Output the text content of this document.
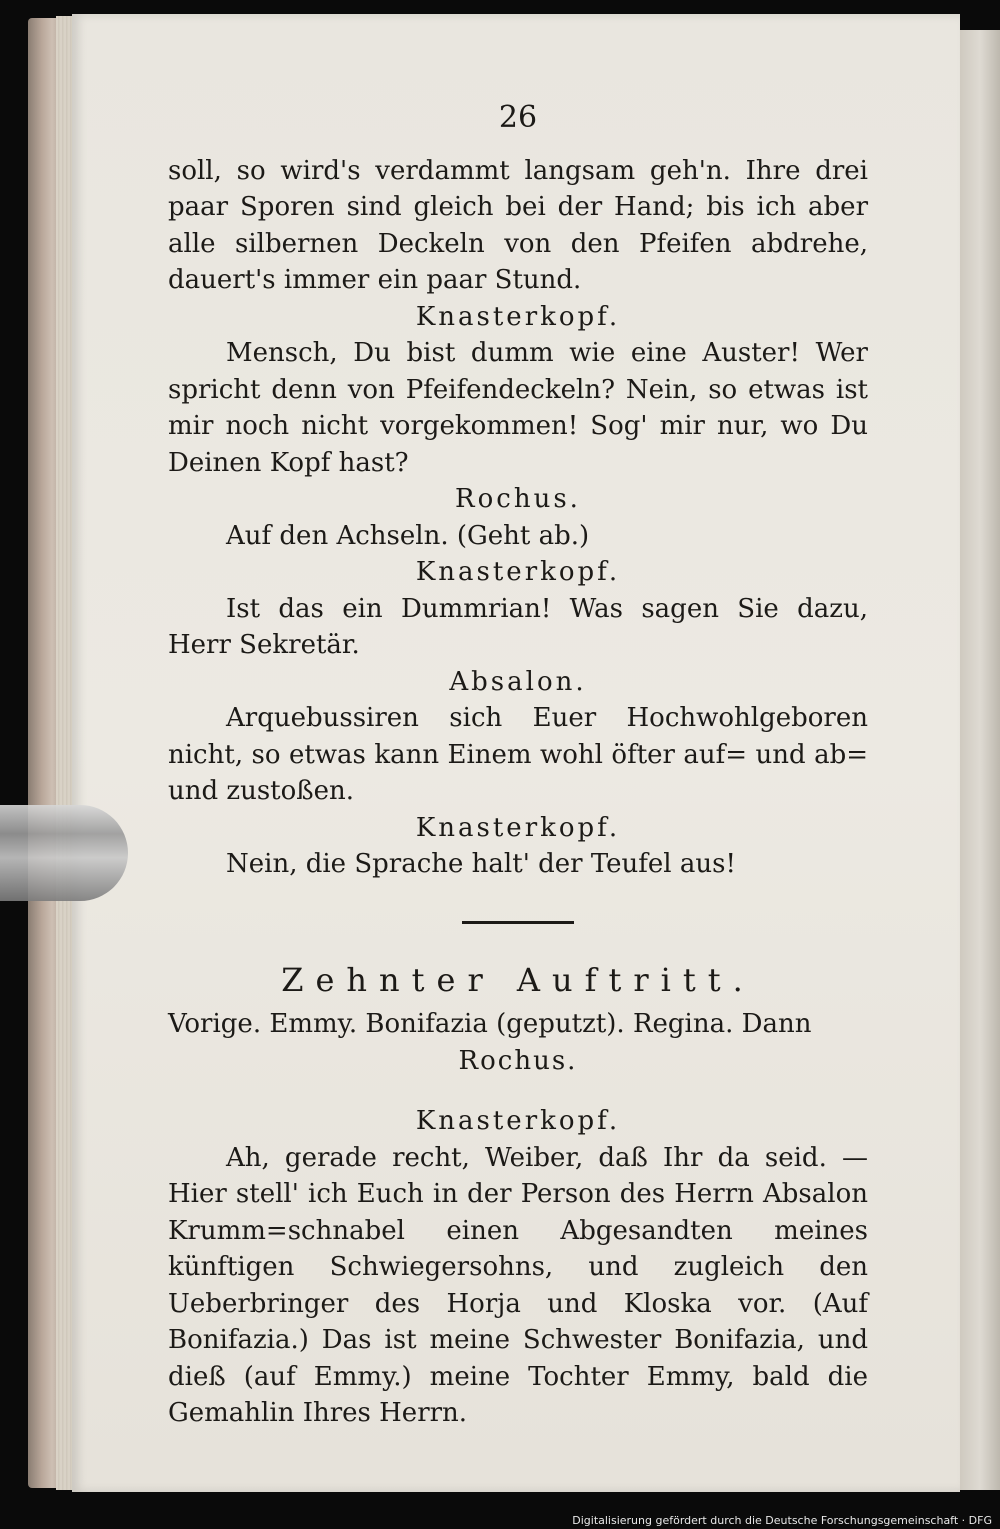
26

soll, so wird's verdammt langsam geh'n. Ihre drei paar Sporen sind gleich bei der Hand; bis ich aber alle silbernen Deckeln von den Pfeifen abdrehe, dauert's immer ein paar Stund.

Knasterkopf.

Mensch, Du bist dumm wie eine Auster! Wer spricht denn von Pfeifendeckeln? Nein, so etwas ist mir noch nicht vorgekommen! Sog' mir nur, wo Du Deinen Kopf hast?

Rochus.

Auf den Achseln. (Geht ab.)

Knasterkopf.

Ist das ein Dummrian! Was sagen Sie dazu, Herr Sekretär.

Absalon.

Arquebussiren sich Euer Hochwohlgeboren nicht, so etwas kann Einem wohl öfter auf= und ab= und zustoßen.

Knasterkopf.

Nein, die Sprache halt' der Teufel aus!

Zehnter Auftritt.

Vorige. Emmy. Bonifazia (geputzt). Regina. Dann

Rochus.

Knasterkopf.

Ah, gerade recht, Weiber, daß Ihr da seid. — Hier stell' ich Euch in der Person des Herrn Absalon Krumm=schnabel einen Abgesandten meines künftigen Schwiegersohns, und zugleich den Ueberbringer des Horja und Kloska vor. (Auf Bonifazia.) Das ist meine Schwester Bonifazia, und dieß (auf Emmy.) meine Tochter Emmy, bald die Gemahlin Ihres Herrn.

Digitalisierung gefördert durch die Deutsche Forschungsgemeinschaft · DFG
